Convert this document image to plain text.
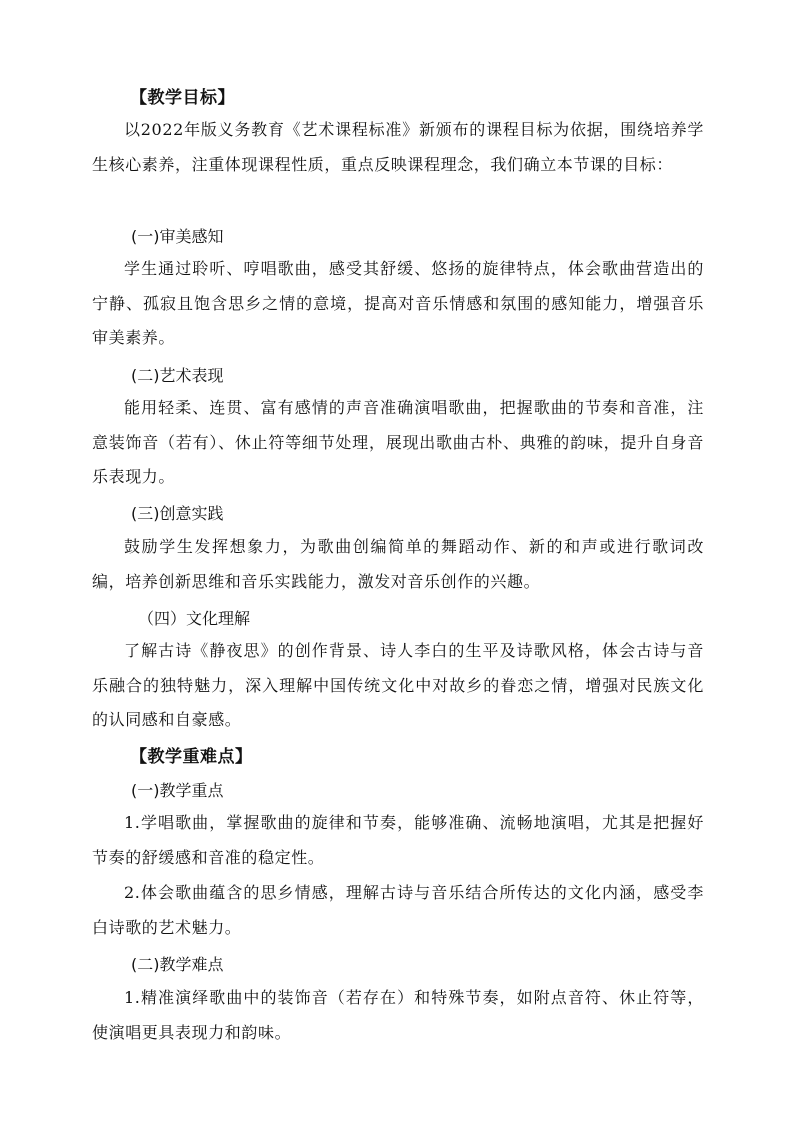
【教学目标】
以2022年版义务教育《艺术课程标准》新颁布的课程目标为依据，围绕培养学生核心素养，注重体现课程性质，重点反映课程理念，我们确立本节课的目标：
(一)审美感知
学生通过聆听、哼唱歌曲，感受其舒缓、悠扬的旋律特点，体会歌曲营造出的宁静、孤寂且饱含思乡之情的意境，提高对音乐情感和氛围的感知能力，增强音乐审美素养。
(二)艺术表现
能用轻柔、连贯、富有感情的声音准确演唱歌曲，把握歌曲的节奏和音准，注意装饰音（若有）、休止符等细节处理，展现出歌曲古朴、典雅的韵味，提升自身音乐表现力。
(三)创意实践
鼓励学生发挥想象力，为歌曲创编简单的舞蹈动作、新的和声或进行歌词改编，培养创新思维和音乐实践能力，激发对音乐创作的兴趣。
（四）文化理解
了解古诗《静夜思》的创作背景、诗人李白的生平及诗歌风格，体会古诗与音乐融合的独特魅力，深入理解中国传统文化中对故乡的眷恋之情，增强对民族文化的认同感和自豪感。
【教学重难点】
(一)教学重点
1.学唱歌曲，掌握歌曲的旋律和节奏，能够准确、流畅地演唱，尤其是把握好节奏的舒缓感和音准的稳定性。
2.体会歌曲蕴含的思乡情感，理解古诗与音乐结合所传达的文化内涵，感受李白诗歌的艺术魅力。
(二)教学难点
1.精准演绎歌曲中的装饰音（若存在）和特殊节奏，如附点音符、休止符等，使演唱更具表现力和韵味。
